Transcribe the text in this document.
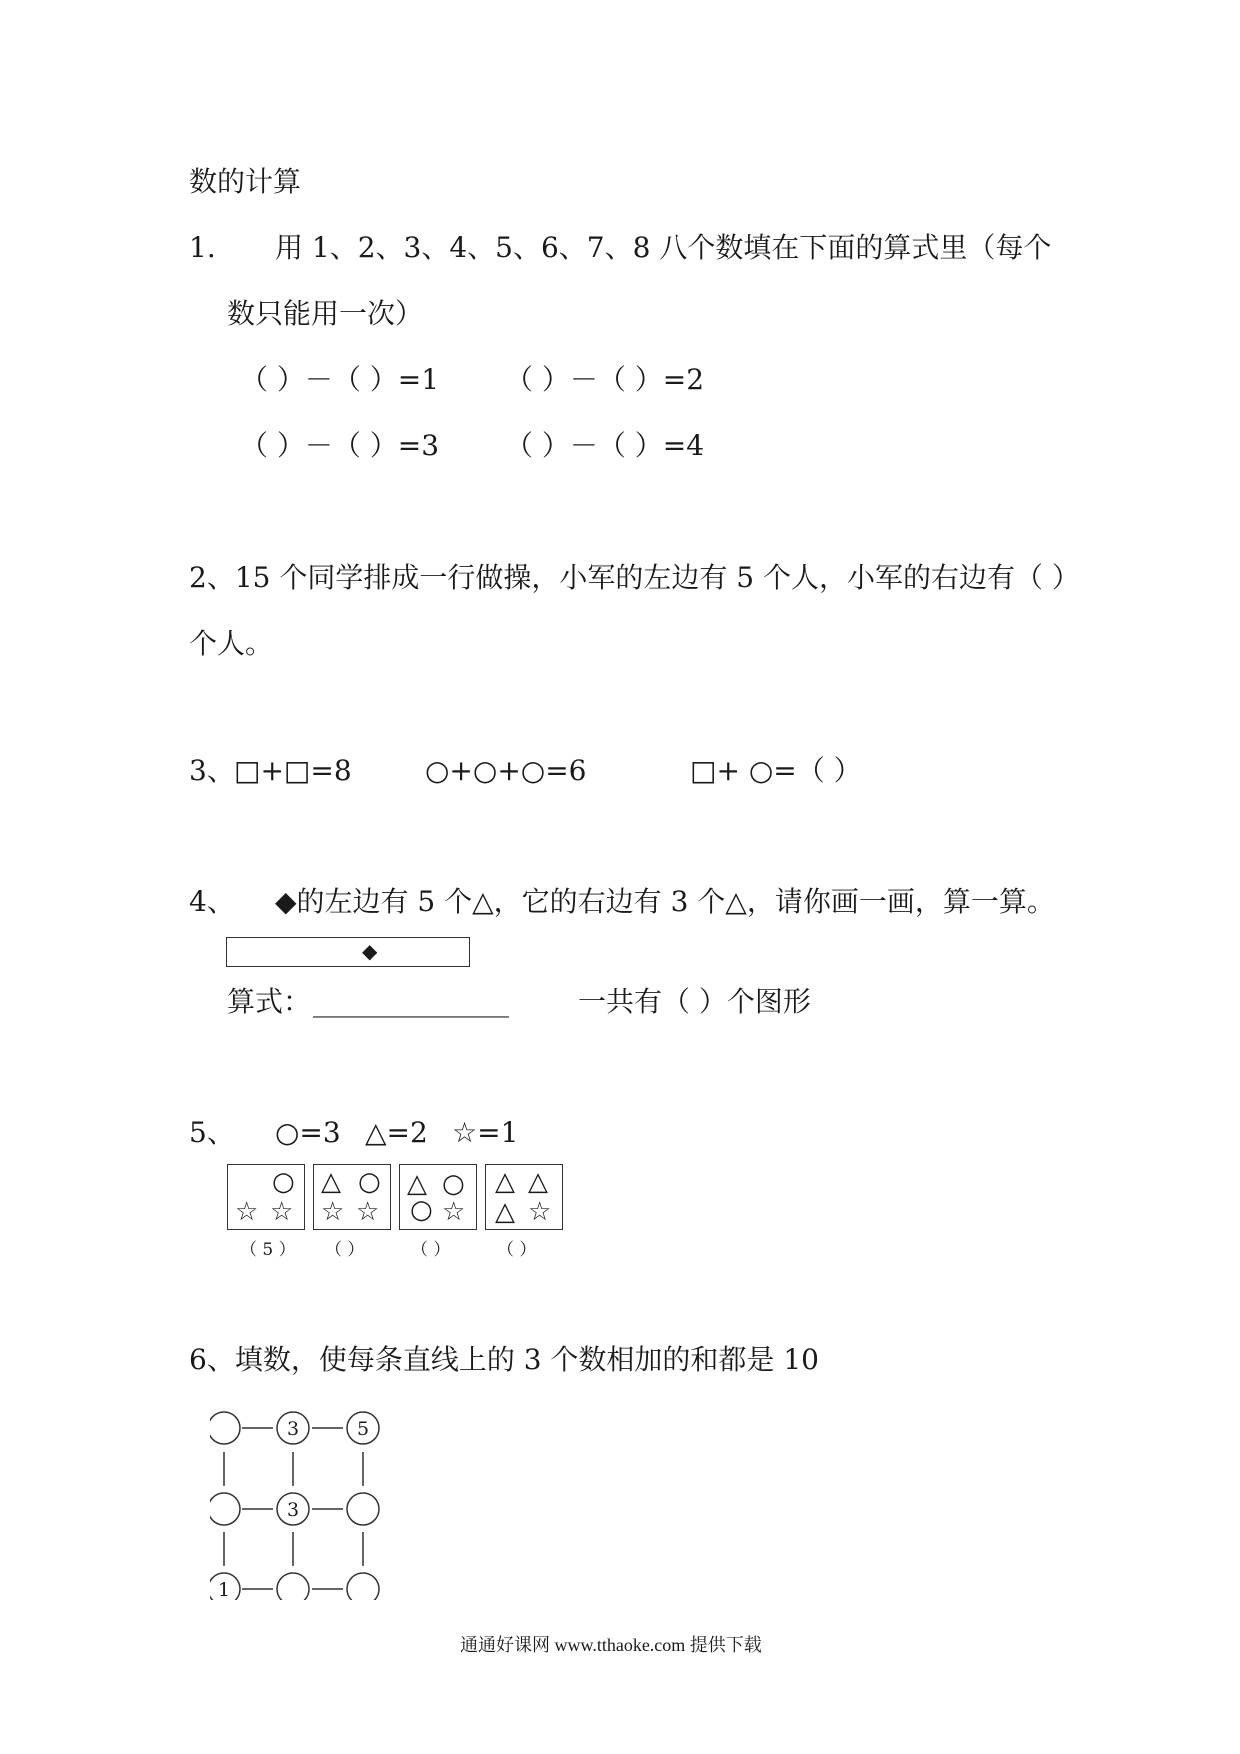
数的计算
1. 用 1、2、3、4、5、6、7、8 八个数填在下面的算式里（每个
数只能用一次）
（ ）－（ ）=1 （ ）－（ ）=2
（ ）－（ ）=3 （ ）－（ ）=4
2、15 个同学排成一行做操，小军的左边有 5 个人，小军的右边有（ ）
个人。
3、 □+□=8	○+○+○=6	□+ ○=（ ）
4、 ◆的左边有 5 个△，它的右边有 3 个△，请你画一画，算一算。
◆
算式： ______________ 一共有（ ）个图形
5、 ○=3 △=2 ☆=1
○
☆ ☆
△ ○
☆ ☆
△ ○
○ ☆
△ △
△ ☆
（ 5 ） （ ）	（ ）	（ ）
6、填数，使每条直线上的 3 个数相加的和都是 10
3	5
3
1
通通好课网 www.tthaoke.com 提供下载
